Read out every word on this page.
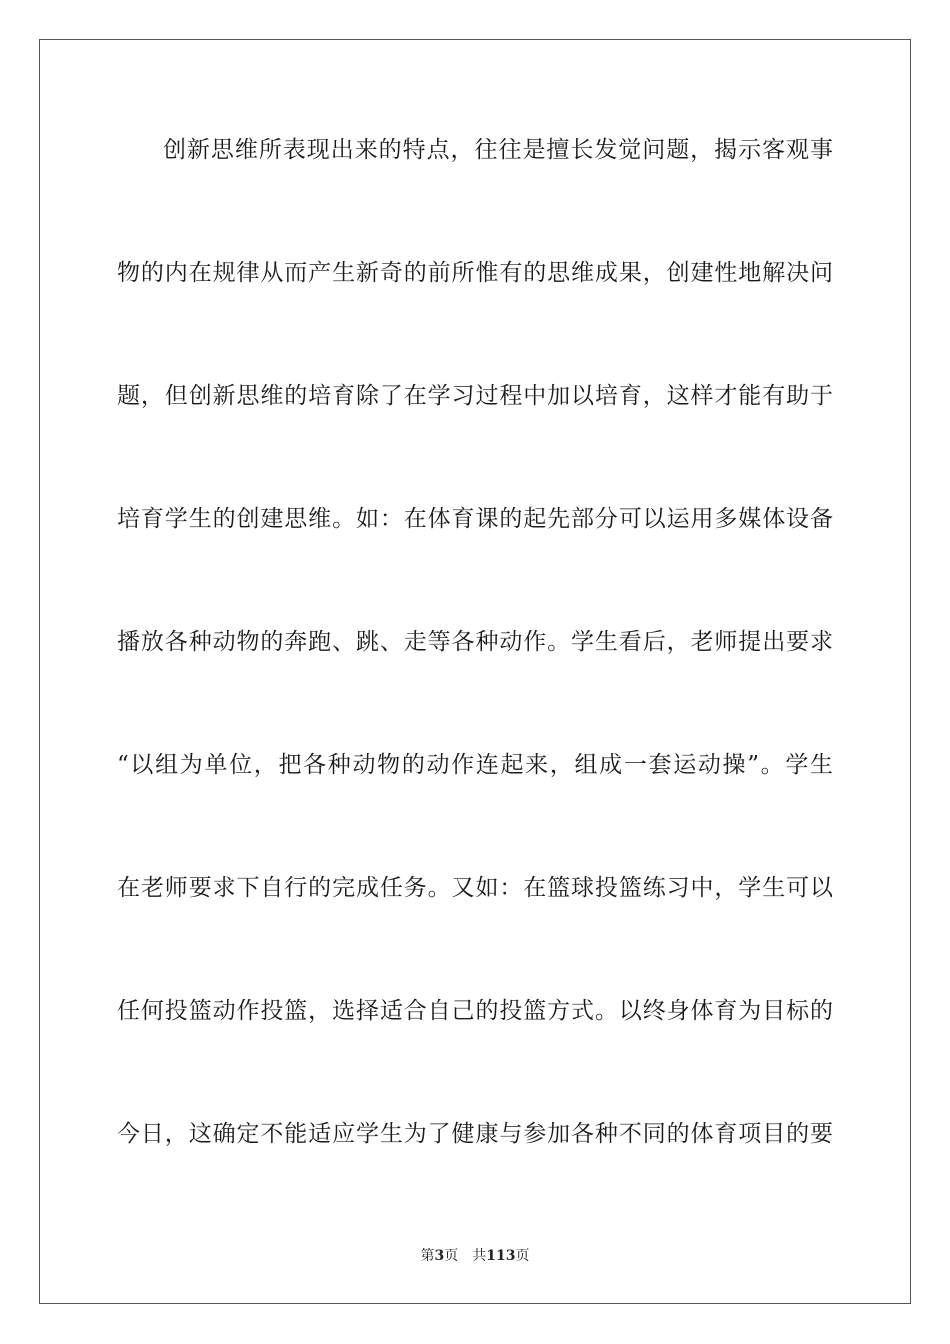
创新思维所表现出来的特点，往往是擅长发觉问题，揭示客观事
物的内在规律从而产生新奇的前所惟有的思维成果，创建性地解决问
题，但创新思维的培育除了在学习过程中加以培育，这样才能有助于
培育学生的创建思维。如：在体育课的起先部分可以运用多媒体设备
播放各种动物的奔跑、跳、走等各种动作。学生看后，老师提出要求
“以组为单位，把各种动物的动作连起来，组成一套运动操”。学生
在老师要求下自行的完成任务。又如：在篮球投篮练习中，学生可以
任何投篮动作投篮，选择适合自己的投篮方式。以终身体育为目标的
今日，这确定不能适应学生为了健康与参加各种不同的体育项目的要
第3页 共113页
